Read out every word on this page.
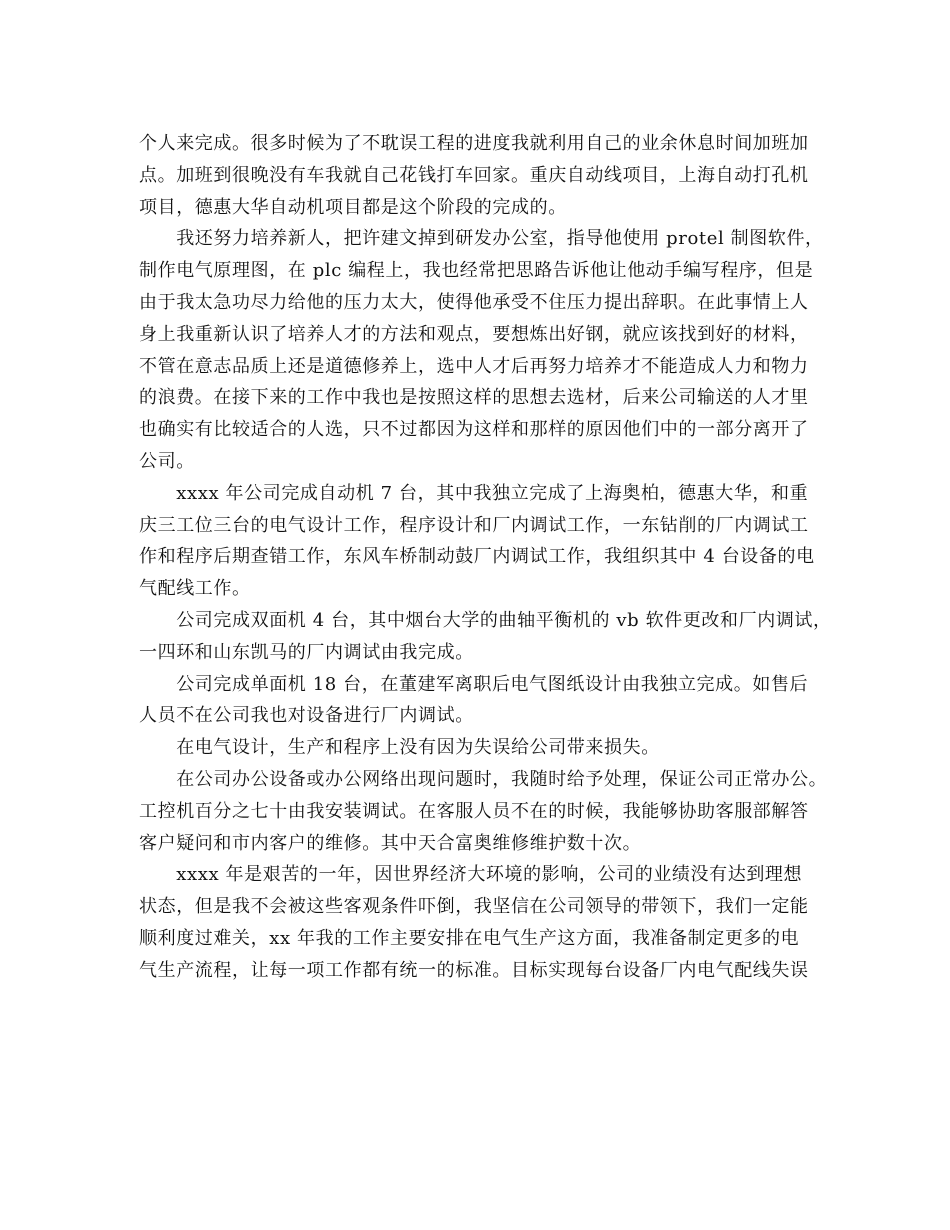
个人来完成。很多时候为了不耽误工程的进度我就利用自己的业余休息时间加班加
点。加班到很晚没有车我就自己花钱打车回家。重庆自动线项目，上海自动打孔机
项目，德惠大华自动机项目都是这个阶段的完成的。
　　我还努力培养新人，把许建文掉到研发办公室，指导他使用 protel 制图软件，
制作电气原理图，在 plc 编程上，我也经常把思路告诉他让他动手编写程序，但是
由于我太急功尽力给他的压力太大，使得他承受不住压力提出辞职。在此事情上人
身上我重新认识了培养人才的方法和观点，要想炼出好钢，就应该找到好的材料，
不管在意志品质上还是道德修养上，选中人才后再努力培养才不能造成人力和物力
的浪费。在接下来的工作中我也是按照这样的思想去选材，后来公司输送的人才里
也确实有比较适合的人选，只不过都因为这样和那样的原因他们中的一部分离开了
公司。
　　xxxx 年公司完成自动机 7 台，其中我独立完成了上海奥柏，德惠大华，和重
庆三工位三台的电气设计工作，程序设计和厂内调试工作，一东钻削的厂内调试工
作和程序后期查错工作，东风车桥制动鼓厂内调试工作，我组织其中 4 台设备的电
气配线工作。
　　公司完成双面机 4 台，其中烟台大学的曲轴平衡机的 vb 软件更改和厂内调试，
一四环和山东凯马的厂内调试由我完成。
　　公司完成单面机 18 台，在董建军离职后电气图纸设计由我独立完成。如售后
人员不在公司我也对设备进行厂内调试。
　　在电气设计，生产和程序上没有因为失误给公司带来损失。
　　在公司办公设备或办公网络出现问题时，我随时给予处理，保证公司正常办公。
工控机百分之七十由我安装调试。在客服人员不在的时候，我能够协助客服部解答
客户疑问和市内客户的维修。其中天合富奥维修维护数十次。
　　xxxx 年是艰苦的一年，因世界经济大环境的影响，公司的业绩没有达到理想
状态，但是我不会被这些客观条件吓倒，我坚信在公司领导的带领下，我们一定能
顺利度过难关，xx 年我的工作主要安排在电气生产这方面，我准备制定更多的电
气生产流程，让每一项工作都有统一的标准。目标实现每台设备厂内电气配线失误
